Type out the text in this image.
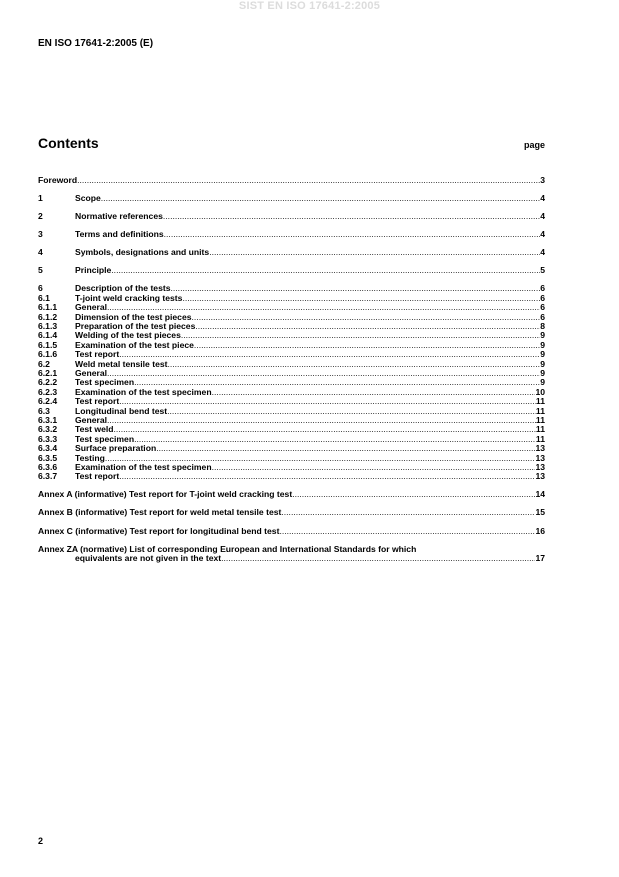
SIST EN ISO 17641-2:2005
EN ISO 17641-2:2005 (E)
Contents	page
Foreword .....	3
1	Scope .....	4
2	Normative references .....	4
3	Terms and definitions .....	4
4	Symbols, designations and units .....	4
5	Principle .....	5
6	Description of the tests .....	6
6.1	T-joint weld cracking tests .....	6
6.1.1	General .....	6
6.1.2	Dimension of the test pieces .....	6
6.1.3	Preparation of the test pieces .....	8
6.1.4	Welding of the test pieces .....	9
6.1.5	Examination of the test piece .....	9
6.1.6	Test report .....	9
6.2	Weld metal tensile test .....	9
6.2.1	General .....	9
6.2.2	Test specimen .....	9
6.2.3	Examination of the test specimen .....	10
6.2.4	Test report .....	11
6.3	Longitudinal bend test .....	11
6.3.1	General .....	11
6.3.2	Test weld .....	11
6.3.3	Test specimen .....	11
6.3.4	Surface preparation .....	13
6.3.5	Testing .....	13
6.3.6	Examination of the test specimen .....	13
6.3.7	Test report .....	13
Annex A (informative) Test report for T-joint weld cracking test .....	14
Annex B (informative) Test report for weld metal tensile test .....	15
Annex C (informative) Test report for longitudinal bend test .....	16
Annex ZA (normative) List of corresponding European and International Standards for which
equivalents are not given in the text .....	17
2
